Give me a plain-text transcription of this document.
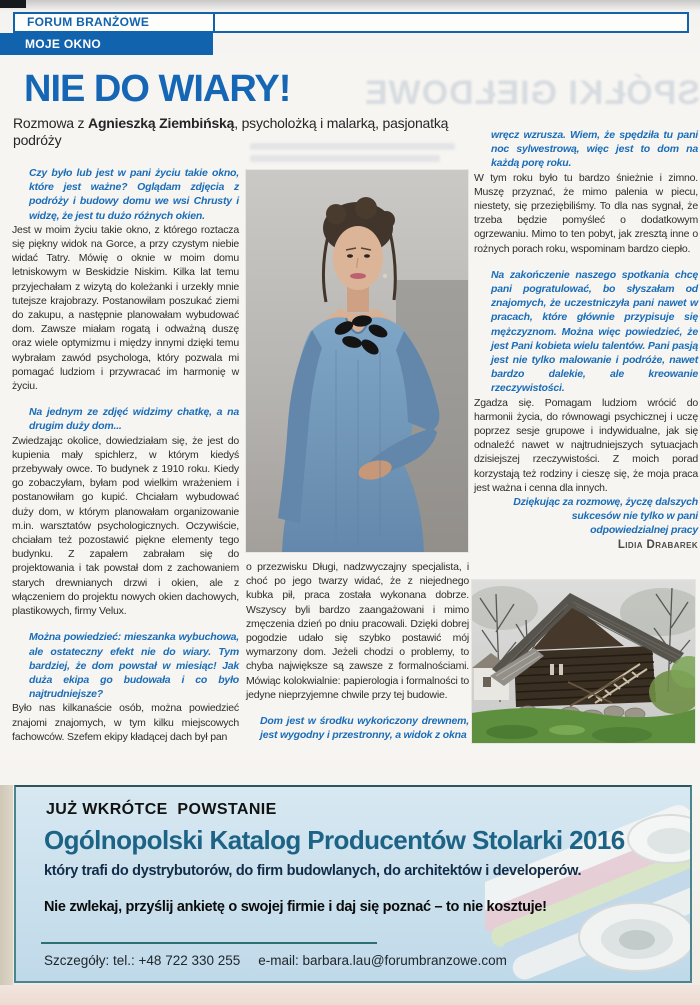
FORUM BRANŻOWE
MOJE OKNO
SPÓŁKI GIEŁDOWE
NIE DO WIARY!
Rozmowa z Agnieszką Ziembińską, psycholożką i malarką, pasjonatką
podróży

Czy było lub jest w pani życiu takie okno, które jest ważne? Oglądam zdjęcia z podróży i budowy domu we wsi Chrusty i widzę, że jest tu dużo różnych okien.

Jest w moim życiu takie okno, z którego roztacza się piękny widok na Gorce, a przy czystym niebie widać Tatry. Mówię o oknie w moim domu letniskowym w Beskidzie Niskim. Kilka lat temu przyjechałam z wizytą do koleżanki i urzekły mnie tutejsze krajobrazy. Postanowiłam poszukać ziemi do zakupu, a następnie planowałam wybudować dom. Zawsze miałam rogatą i odważną duszę oraz wiele optymizmu i między innymi dzięki temu wybrałam zawód psychologa, który pozwala mi pomagać ludziom i przywracać im harmonię w życiu.

Na jednym ze zdjęć widzimy chatkę, a na drugim duży dom...

Zwiedzając okolice, dowiedziałam się, że jest do kupienia mały spichlerz, w którym kiedyś przebywały owce. To budynek z 1910 roku. Kiedy go zobaczyłam, byłam pod wielkim wrażeniem i postanowiłam go kupić. Chciałam wybudować duży dom, w którym planowałam organizowanie m.in. warsztatów psychologicznych. Oczywiście, chciałam też pozostawić piękne elementy tego budynku. Z zapałem zabrałam się do projektowania i tak powstał dom z zachowaniem starych drewnianych drzwi i okien, ale z włączeniem do projektu nowych okien dachowych, plastikowych, firmy Velux.

Można powiedzieć: mieszanka wybuchowa, ale ostateczny efekt nie do wiary. Tym bardziej, że dom powstał w miesiąc! Jak duża ekipa go budowała i co było najtrudniejsze?

Było nas kilkanaście osób, można powiedzieć znajomi znajomych, w tym kilku miejscowych fachowców. Szefem ekipy kładącej dach był pan

o przezwisku Długi, nadzwyczajny specjalista, i choć po jego twarzy widać, że z niejednego kubka pił, praca została wykonana dobrze. Wszyscy byli bardzo zaangażowani i mimo zmęczenia dzień po dniu pracowali. Dzięki dobrej pogodzie udało się szybko postawić mój wymarzony dom. Jeżeli chodzi o problemy, to chyba największe są zawsze z formalnościami. Mówiąc kolokwialnie: papierologia i formalności to jedyne nieprzyjemne chwile przy tej budowie.

Dom jest w środku wykończony drewnem, jest wygodny i przestronny, a widok z okna

wręcz wzrusza. Wiem, że spędziła tu pani noc sylwestrową, więc jest to dom na każdą porę roku.

W tym roku było tu bardzo śnieżnie i zimno. Muszę przyznać, że mimo palenia w piecu, niestety, się przeziębiliśmy. To dla nas sygnał, że trzeba będzie pomyśleć o dodatkowym ogrzewaniu. Mimo to ten pobyt, jak zresztą inne o rożnych porach roku, wspominam bardzo ciepło.

Na zakończenie naszego spotkania chcę pani pogratulować, bo słyszałam od znajomych, że uczestniczyła pani nawet w pracach, które głównie przypisuje się mężczyznom. Można więc powiedzieć, że jest Pani kobieta wielu talentów. Pani pasją jest nie tylko malowanie i podróże, nawet bardzo dalekie, ale kreowanie rzeczywistości.

Zgadza się. Pomagam ludziom wrócić do harmonii życia, do równowagi psychicznej i uczę poprzez sesje grupowe i indywidualne, jak się odnaleźć nawet w najtrudniejszych sytuacjach dzisiejszej rzeczywistości. Z moich porad korzystają też rodziny i cieszę się, że moja praca jest ważna i cenna dla innych.

Dziękując za rozmowę, życzę dalszych sukcesów nie tylko w pani odpowiedzialnej pracy

Lidia Drabarek

JUŻ WKRÓTCE  POWSTANIE
Ogólnopolski Katalog Producentów Stolarki 2016
który trafi do dystrybutorów, do firm budowlanych, do architektów i developerów.
Nie zwlekaj, przyślij ankietę o swojej firmie i daj się poznać – to nie kosztuje!
Szczegóły: tel.: +48 722 330 255 e-mail: barbara.lau@forumbranzowe.com
